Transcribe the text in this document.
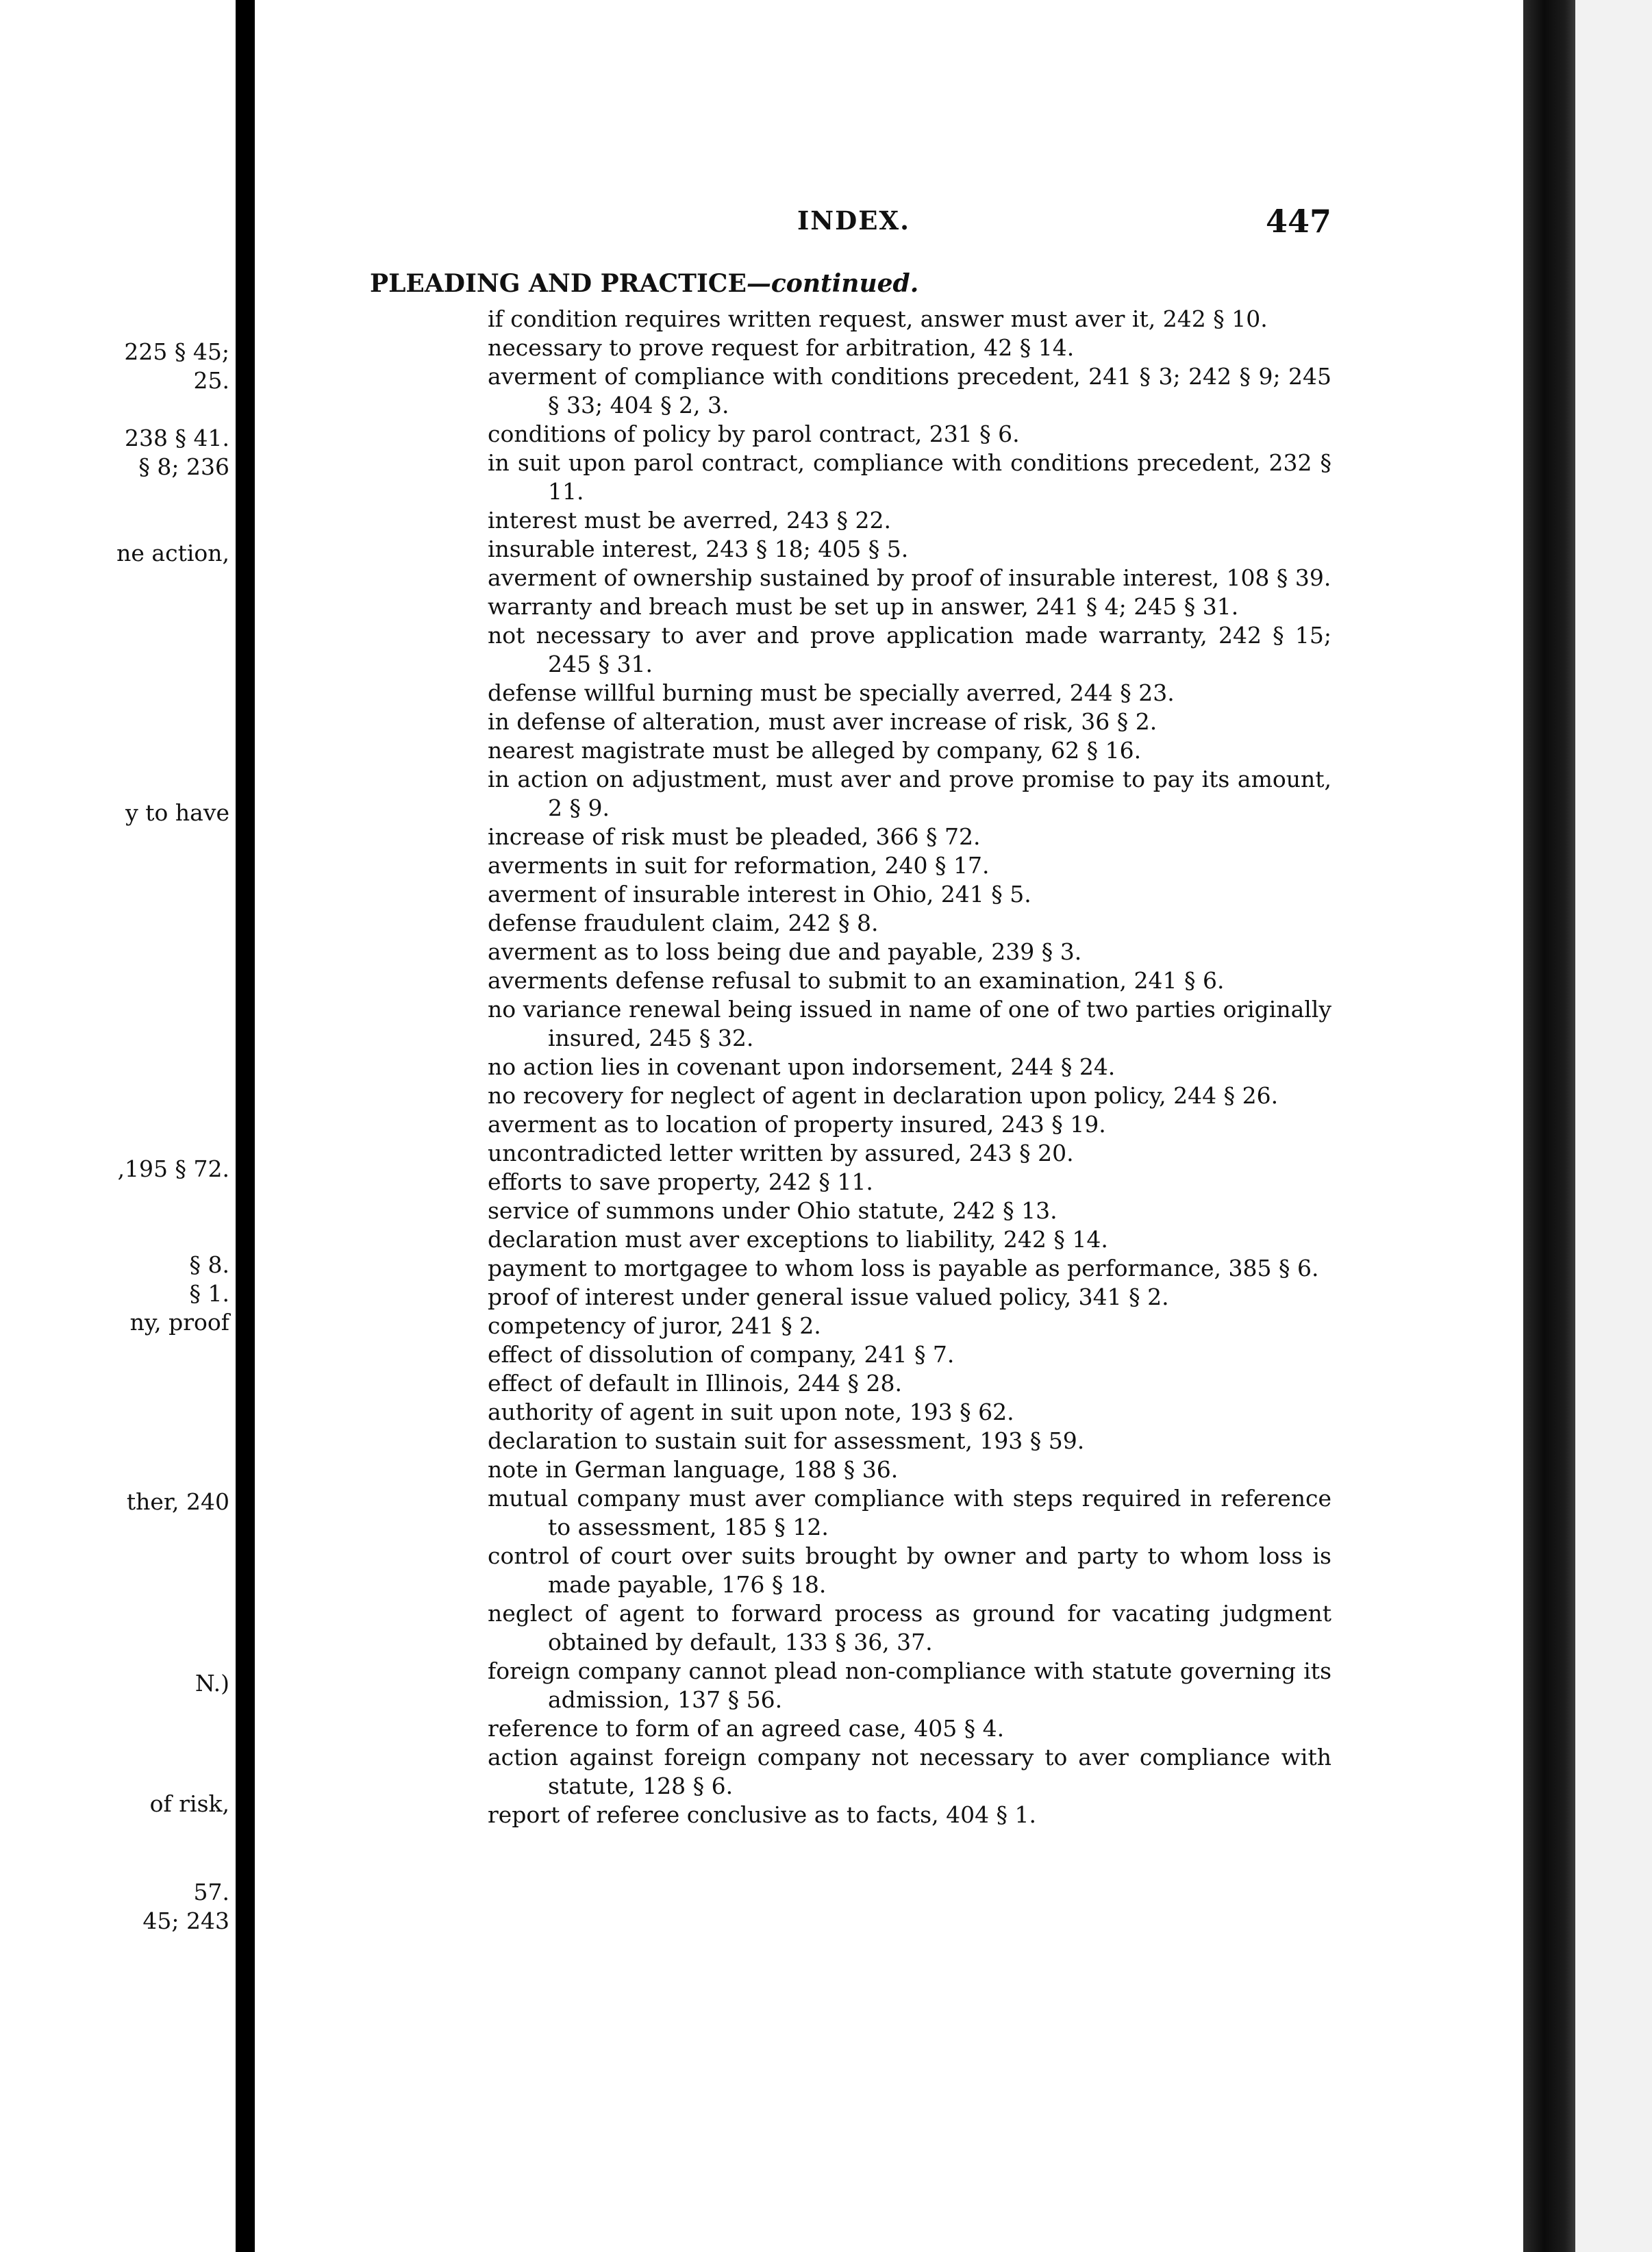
225 § 45;
25.
238 § 41.
§ 8; 236
ne action,
y to have
,195 § 72.
§ 8.
§ 1.
ny, proof
ther, 240
N.)
of risk,
57.
45; 243
INDEX.	447
PLEADING AND PRACTICE—continued.
if condition requires written request, answer must aver it, 242 § 10.
necessary to prove request for arbitration, 42 § 14.
averment of compliance with conditions precedent, 241 § 3; 242 § 9; 245 § 33; 404 § 2, 3.
conditions of policy by parol contract, 231 § 6.
in suit upon parol contract, compliance with conditions precedent, 232 § 11.
interest must be averred, 243 § 22.
insurable interest, 243 § 18; 405 § 5.
averment of ownership sustained by proof of insurable interest, 108 § 39.
warranty and breach must be set up in answer, 241 § 4; 245 § 31.
not necessary to aver and prove application made warranty, 242 § 15; 245 § 31.
defense willful burning must be specially averred, 244 § 23.
in defense of alteration, must aver increase of risk, 36 § 2.
nearest magistrate must be alleged by company, 62 § 16.
in action on adjustment, must aver and prove promise to pay its amount, 2 § 9.
increase of risk must be pleaded, 366 § 72.
averments in suit for reformation, 240 § 17.
averment of insurable interest in Ohio, 241 § 5.
defense fraudulent claim, 242 § 8.
averment as to loss being due and payable, 239 § 3.
averments defense refusal to submit to an examination, 241 § 6.
no variance renewal being issued in name of one of two parties originally insured, 245 § 32.
no action lies in covenant upon indorsement, 244 § 24.
no recovery for neglect of agent in declaration upon policy, 244 § 26.
averment as to location of property insured, 243 § 19.
uncontradicted letter written by assured, 243 § 20.
efforts to save property, 242 § 11.
service of summons under Ohio statute, 242 § 13.
declaration must aver exceptions to liability, 242 § 14.
payment to mortgagee to whom loss is payable as performance, 385 § 6.
proof of interest under general issue valued policy, 341 § 2.
competency of juror, 241 § 2.
effect of dissolution of company, 241 § 7.
effect of default in Illinois, 244 § 28.
authority of agent in suit upon note, 193 § 62.
declaration to sustain suit for assessment, 193 § 59.
note in German language, 188 § 36.
mutual company must aver compliance with steps required in reference to assessment, 185 § 12.
control of court over suits brought by owner and party to whom loss is made payable, 176 § 18.
neglect of agent to forward process as ground for vacating judgment obtained by default, 133 § 36, 37.
foreign company cannot plead non-compliance with statute governing its admission, 137 § 56.
reference to form of an agreed case, 405 § 4.
action against foreign company not necessary to aver compliance with statute, 128 § 6.
report of referee conclusive as to facts, 404 § 1.
